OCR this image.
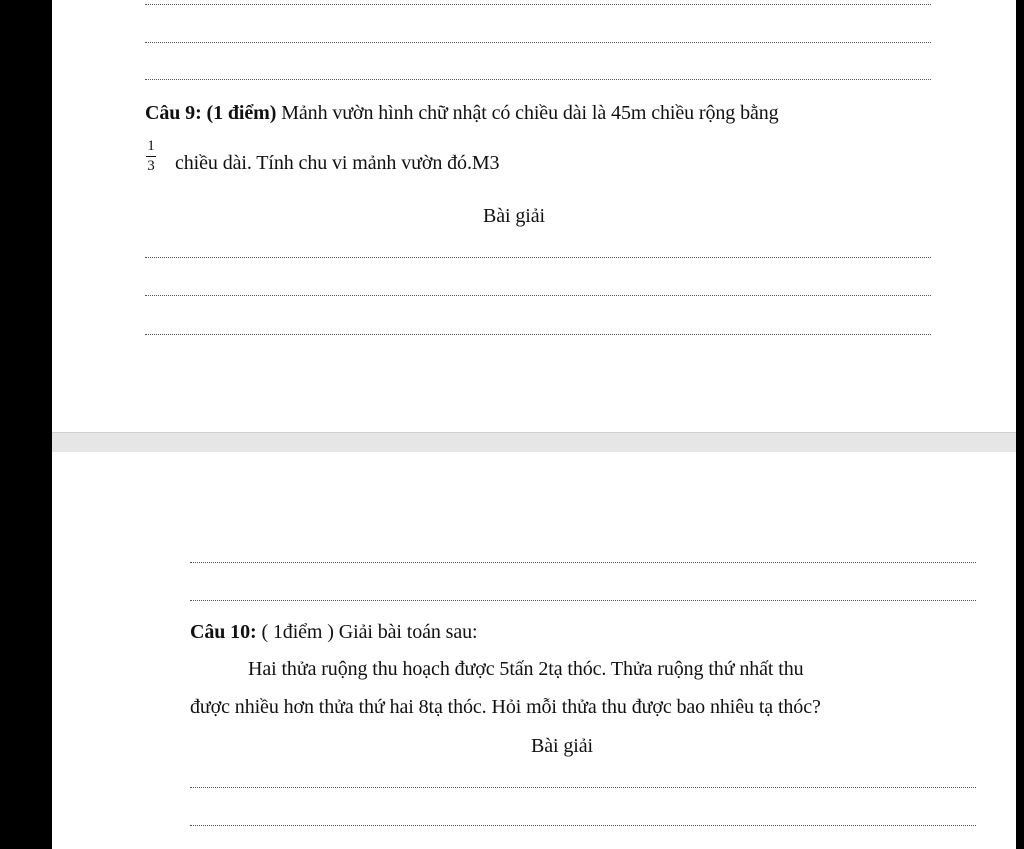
Câu 9: (1 điểm) Mảnh vườn hình chữ nhật có chiều dài là 45m chiều rộng bằng
1
3 chiều dài. Tính chu vi mảnh vườn đó.M3
Bài giải
Câu 10: ( 1điểm ) Giải bài toán sau:
Hai thửa ruộng thu hoạch được 5tấn 2tạ thóc. Thửa ruộng thứ nhất thu
được nhiều hơn thửa thứ hai 8tạ thóc. Hỏi mỗi thửa thu được bao nhiêu tạ thóc?
Bài giải
